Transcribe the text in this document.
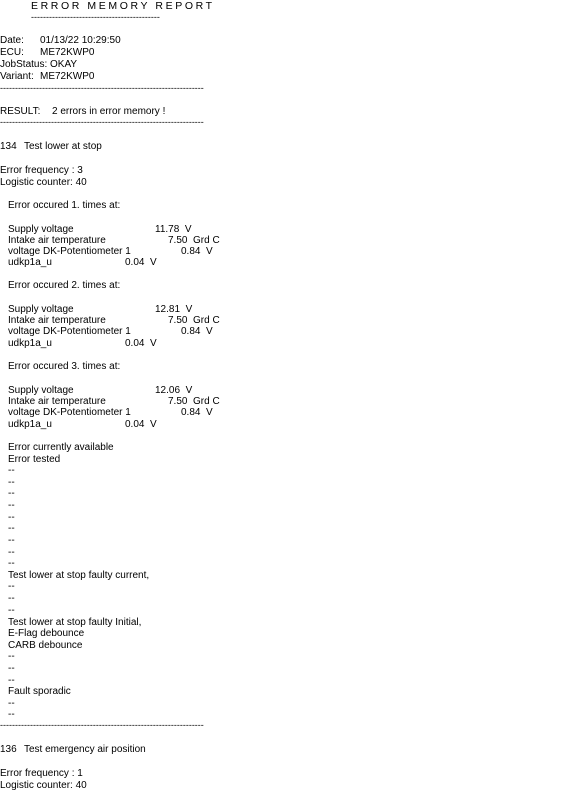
ERROR MEMORY REPORT
-------------------------------------------
Date: 01/13/22 10:29:50
ECU: ME72KWP0
JobStatus: OKAY
Variant: ME72KWP0
--------------------------------------------------------------------
RESULT: 2 errors in error memory !
--------------------------------------------------------------------
134 Test lower at stop
Error frequency : 3
Logistic counter: 40
Error occured 1. times at:
Supply voltage
Intake air temperature
voltage DK-Potentiometer 1
udkp1a_u
11.78  V
7.50  Grd C
0.84  V
0.04  V
Error occured 2. times at:
Supply voltage
Intake air temperature
voltage DK-Potentiometer 1
udkp1a_u
12.81  V
7.50  Grd C
0.84  V
0.04  V
Error occured 3. times at:
Supply voltage
Intake air temperature
voltage DK-Potentiometer 1
udkp1a_u
12.06  V
7.50  Grd C
0.84  V
0.04  V
Error currently available
Error tested
--
--
--
--
--
--
--
--
--
Test lower at stop faulty current,
--
--
--
Test lower at stop faulty Initial,
E-Flag debounce
CARB debounce
--
--
--
Fault sporadic
--
--
--------------------------------------------------------------------
136 Test emergency air position
Error frequency : 1
Logistic counter: 40
